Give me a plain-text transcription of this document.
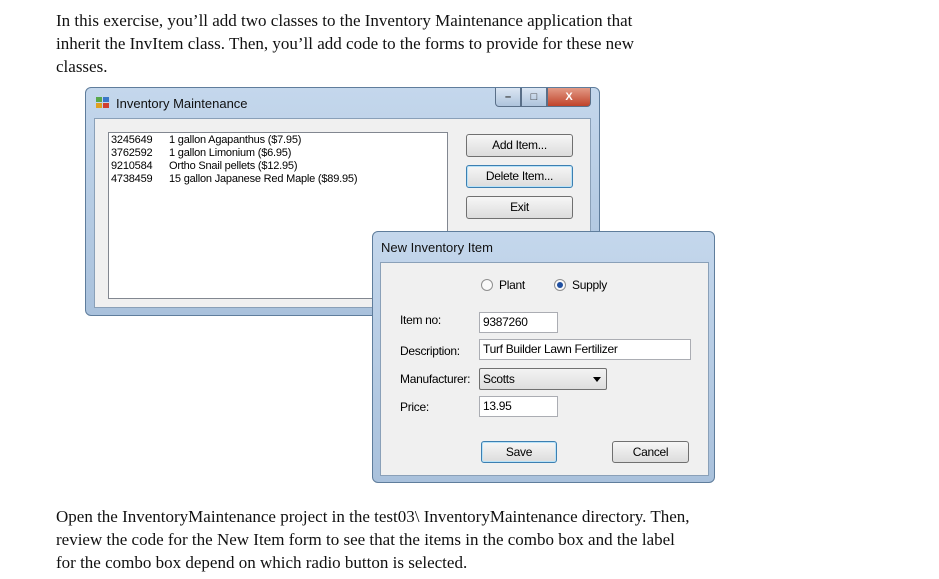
In this exercise, you’ll add two classes to the Inventory Maintenance application that
inherit the InvItem class. Then, you’ll add code to the forms to provide for these new
classes.

Inventory Maintenance	–	□	X
3245649 1 gallon Agapanthus ($7.95)
3762592 1 gallon Limonium ($6.95)
9210584 Ortho Snail pellets ($12.95)
4738459 15 gallon Japanese Red Maple ($89.95)
Add Item...
Delete Item...
Exit
New Inventory Item
Plant	Supply
Item no:	9387260
Description:	Turf Builder Lawn Fertilizer
Manufacturer:	Scotts
Price:	13.95
Save	Cancel

Open the InventoryMaintenance project in the test03\ InventoryMaintenance directory. Then,
review the code for the New Item form to see that the items in the combo box and the label
for the combo box depend on which radio button is selected.
